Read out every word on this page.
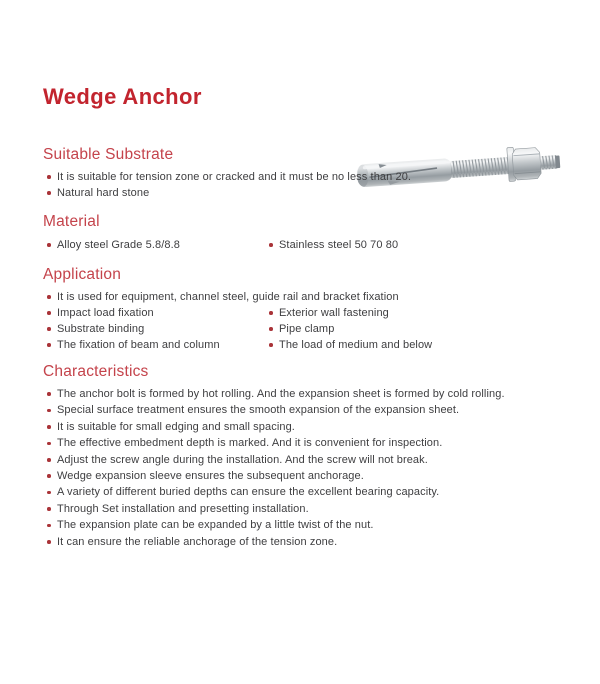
Wedge Anchor
Suitable Substrate
It is suitable for tension zone or cracked and it must be no less than 20.
Natural hard stone
Material
Alloy steel Grade 5.8/8.8	Stainless steel 50 70 80
Application
It is used for equipment, channel steel, guide rail and bracket fixation
Impact load fixation
Substrate binding
The fixation of beam and column
Exterior wall fastening
Pipe clamp
The load of medium and below
Characteristics
The anchor bolt is formed by hot rolling. And the expansion sheet is formed by cold rolling.
Special surface treatment ensures the smooth expansion of the expansion sheet.
It is suitable for small edging and small spacing.
The effective embedment depth is marked. And it is convenient for inspection.
Adjust the screw angle during the installation. And the screw will not break.
Wedge expansion sleeve ensures the subsequent anchorage.
A variety of different buried depths can ensure the excellent bearing capacity.
Through Set installation and presetting installation.
The expansion plate can be expanded by a little twist of the nut.
It can ensure the reliable anchorage of the tension zone.
